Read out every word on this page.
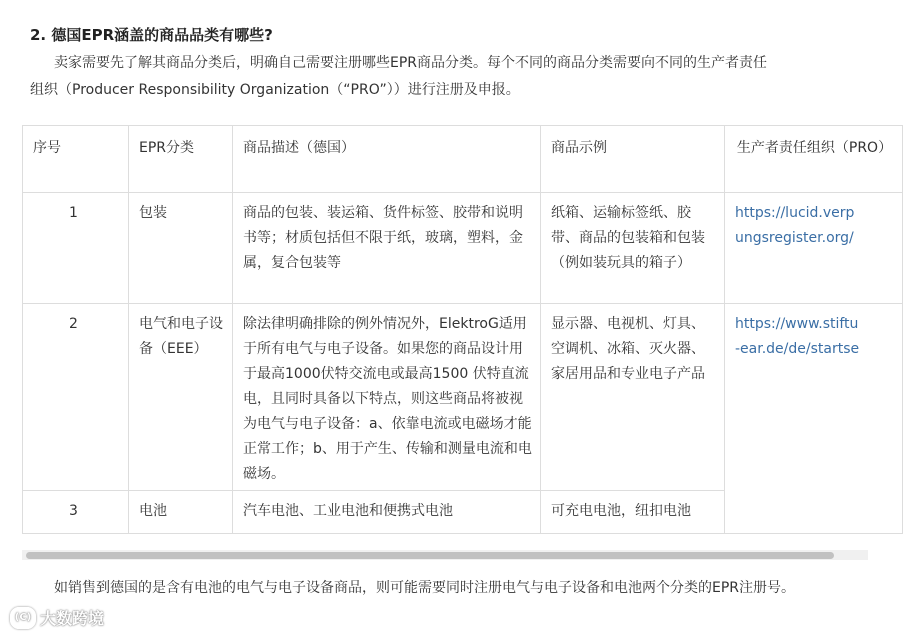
2. 德国EPR涵盖的商品品类有哪些?

卖家需要先了解其商品分类后，明确自己需要注册哪些EPR商品分类。每个不同的商品分类需要向不同的生产者责任

组织（Producer Responsibility Organization（“PRO”））进行注册及申报。

序号	EPR分类	商品描述（德国）	商品示例	生产者责任组织（PRO）
1	包装	商品的包装、装运箱、货件标签、胶带和说明书等；材质包括但不限于纸，玻璃，塑料，金属，复合包装等	纸箱、运输标签纸、胶带、商品的包装箱和包装（例如装玩具的箱子）	https://lucid.verp
ungsregister.org/

2	电气和电子设备（EEE）	除法律明确排除的例外情况外，ElektroG适用于所有电气与电子设备。如果您的商品设计用于最高1000伏特交流电或最高1500 伏特直流电，且同时具备以下特点，则这些商品将被视为电气与电子设备：a、依靠电流或电磁场才能正常工作；b、用于产生、传输和测量电流和电磁场。	显示器、电视机、灯具、空调机、冰箱、灭火器、家居用品和专业电子产品	https://www.stiftu
-ear.de/de/startse

3	电池	汽车电池、工业电池和便携式电池	可充电电池，纽扣电池	
如销售到德国的是含有电池的电气与电子设备商品，则可能需要同时注册电气与电子设备和电池两个分类的EPR注册号。
(C) 大数跨境
